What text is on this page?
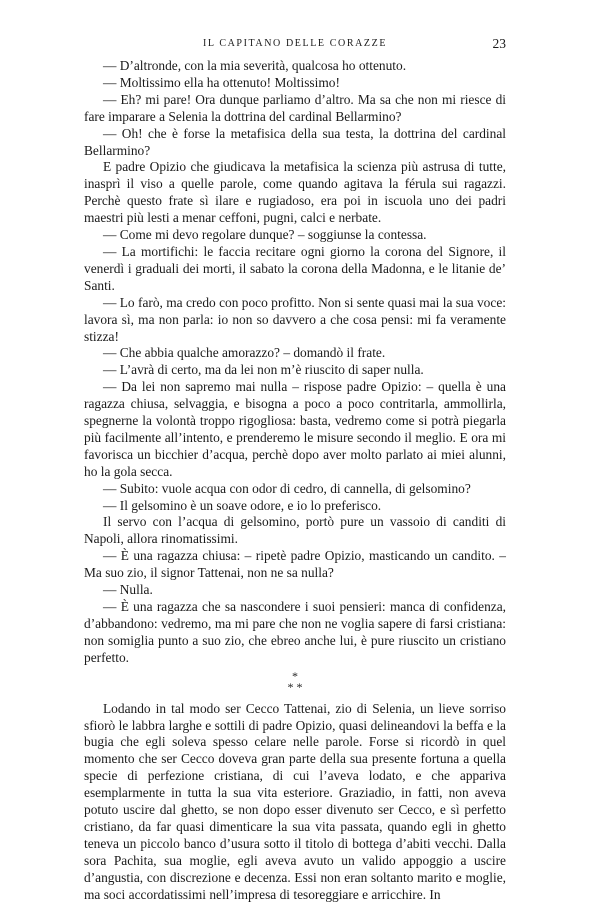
IL CAPITANO DELLE CORAZZE	23

— D’altronde, con la mia severità, qualcosa ho ottenuto.

— Moltissimo ella ha ottenuto! Moltissimo!

— Eh? mi pare! Ora dunque parliamo d’altro. Ma sa che non mi riesce di fare imparare a Selenia la dottrina del cardinal Bellarmino?

— Oh! che è forse la metafisica della sua testa, la dottrina del cardinal Bellarmino?

E padre Opizio che giudicava la metafisica la scienza più astrusa di tutte, inasprì il viso a quelle parole, come quando agitava la férula sui ragazzi. Perchè questo frate sì ilare e rugiadoso, era poi in iscuola uno dei padri maestri più lesti a menar ceffoni, pugni, calci e nerbate.

— Come mi devo regolare dunque? – soggiunse la contessa.

— La mortifichi: le faccia recitare ogni giorno la corona del Signore, il venerdì i graduali dei morti, il sabato la corona della Madonna, e le litanie de’ Santi.

— Lo farò, ma credo con poco profitto. Non si sente quasi mai la sua voce: lavora sì, ma non parla: io non so davvero a che cosa pensi: mi fa veramente stizza!

— Che abbia qualche amorazzo? – domandò il frate.

— L’avrà di certo, ma da lei non m’è riuscito di saper nulla.

— Da lei non sapremo mai nulla – rispose padre Opizio: – quella è una ragazza chiusa, selvaggia, e bisogna a poco a poco contritarla, ammollirla, spegnerne la volontà troppo rigogliosa: basta, vedremo come si potrà piegarla più facilmente all’intento, e prenderemo le misure secondo il meglio. E ora mi favorisca un bicchier d’acqua, perchè dopo aver molto parlato ai miei alunni, ho la gola secca.

— Subito: vuole acqua con odor di cedro, di cannella, di gelsomino?

— Il gelsomino è un soave odore, e io lo preferisco.

Il servo con l’acqua di gelsomino, portò pure un vassoio di canditi di Napoli, allora rinomatissimi.

— È una ragazza chiusa: – ripetè padre Opizio, masticando un candito. – Ma suo zio, il signor Tattenai, non ne sa nulla?

— Nulla.

— È una ragazza che sa nascondere i suoi pensieri: manca di confidenza, d’abbandono: vedremo, ma mi pare che non ne voglia sapere di farsi cristiana: non somiglia punto a suo zio, che ebreo anche lui, è pure riuscito un cristiano perfetto.

*
* *

Lodando in tal modo ser Cecco Tattenai, zio di Selenia, un lieve sorriso sfiorò le labbra larghe e sottili di padre Opizio, quasi delineandovi la beffa e la bugia che egli soleva spesso celare nelle parole. Forse si ricordò in quel momento che ser Cecco doveva gran parte della sua presente fortuna a quella specie di perfezione cristiana, di cui l’aveva lodato, e che appariva esemplarmente in tutta la sua vita esteriore. Graziadio, in fatti, non aveva potuto uscire dal ghetto, se non dopo esser divenuto ser Cecco, e sì perfetto cristiano, da far quasi dimenticare la sua vita passata, quando egli in ghetto teneva un piccolo banco d’usura sotto il titolo di bottega d’abiti vecchi. Dalla sora Pachita, sua moglie, egli aveva avuto un valido appoggio a uscire d’angustia, con discrezione e decenza. Essi non eran soltanto marito e moglie, ma soci accordatissimi nell’impresa di tesoreggiare e arricchire. In
